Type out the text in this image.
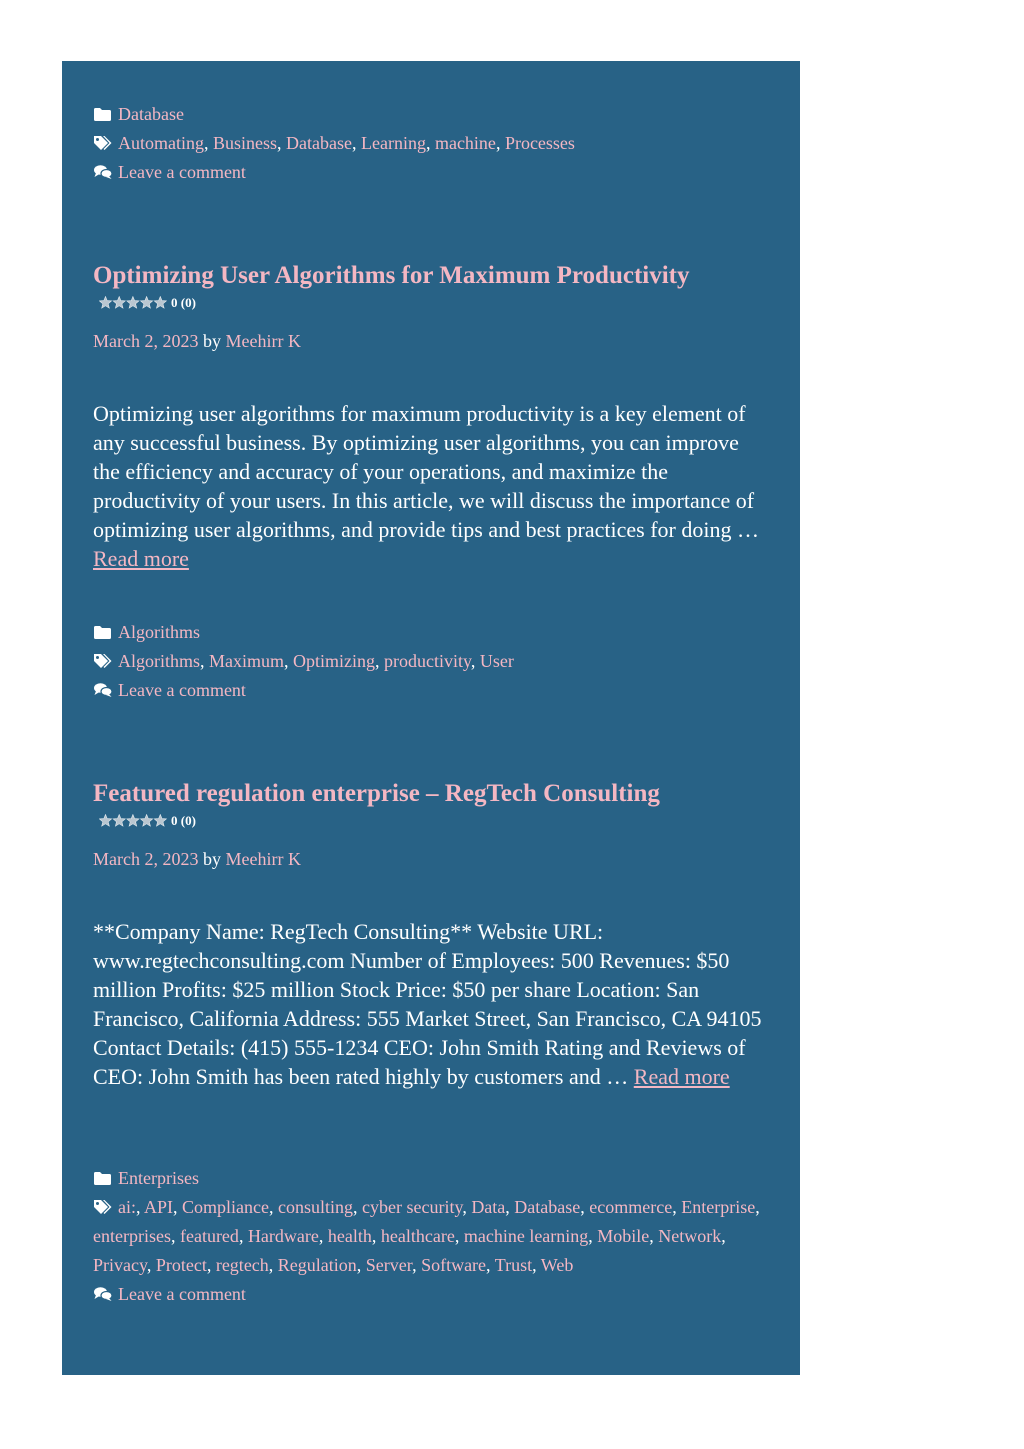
Database
Automating, Business, Database, Learning, machine, Processes
Leave a comment
Optimizing User Algorithms for Maximum Productivity
0 (0)
March 2, 2023 by Meehirr K
Optimizing user algorithms for maximum productivity is a key element of any successful business. By optimizing user algorithms, you can improve the efficiency and accuracy of your operations, and maximize the productivity of your users. In this article, we will discuss the importance of optimizing user algorithms, and provide tips and best practices for doing … Read more
Algorithms
Algorithms, Maximum, Optimizing, productivity, User
Leave a comment
Featured regulation enterprise – RegTech Consulting
0 (0)
March 2, 2023 by Meehirr K
**Company Name: RegTech Consulting** Website URL: www.regtechconsulting.com Number of Employees: 500 Revenues: $50 million Profits: $25 million Stock Price: $50 per share Location: San Francisco, California Address: 555 Market Street, San Francisco, CA 94105 Contact Details: (415) 555-1234 CEO: John Smith Rating and Reviews of CEO: John Smith has been rated highly by customers and … Read more
Enterprises
ai:, API, Compliance, consulting, cyber security, Data, Database, ecommerce, Enterprise, enterprises, featured, Hardware, health, healthcare, machine learning, Mobile, Network, Privacy, Protect, regtech, Regulation, Server, Software, Trust, Web
Leave a comment
